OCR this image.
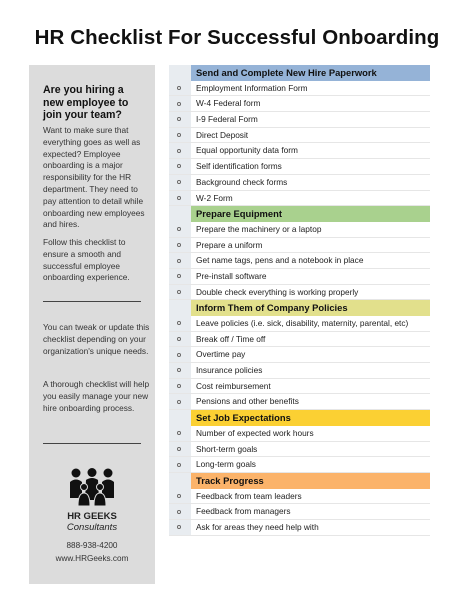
HR Checklist For Successful Onboarding
Are you hiring a new employee to join your team?
Want to make sure that everything goes as well as expected? Employee onboarding is a major responsibility for the HR department. They need to pay attention to detail while onboarding new employees and hires.
Follow this checklist to ensure a smooth and successful employee onboarding experience.
You can tweak or update this checklist depending on your organization's unique needs.
A thorough checklist will help you easily manage your new hire onboarding process.
HR GEEKS
Consultants
888-938-4200
www.HRGeeks.com
Send and Complete New Hire Paperwork
Employment Information Form
W-4 Federal form
I-9 Federal Form
Direct Deposit
Equal opportunity data form
Self identification forms
Background check forms
W-2 Form
Prepare Equipment
Prepare the machinery or a laptop
Prepare a uniform
Get name tags, pens and a notebook in place
Pre-install software
Double check everything is working properly
Inform Them of Company Policies
Leave policies (i.e. sick, disability, maternity, parental, etc)
Break off / Time off
Overtime pay
Insurance policies
Cost reimbursement
Pensions and other benefits
Set Job Expectations
Number of expected work hours
Short-term goals
Long-term goals
Track Progress
Feedback from team leaders
Feedback from managers
Ask for areas they need help with
